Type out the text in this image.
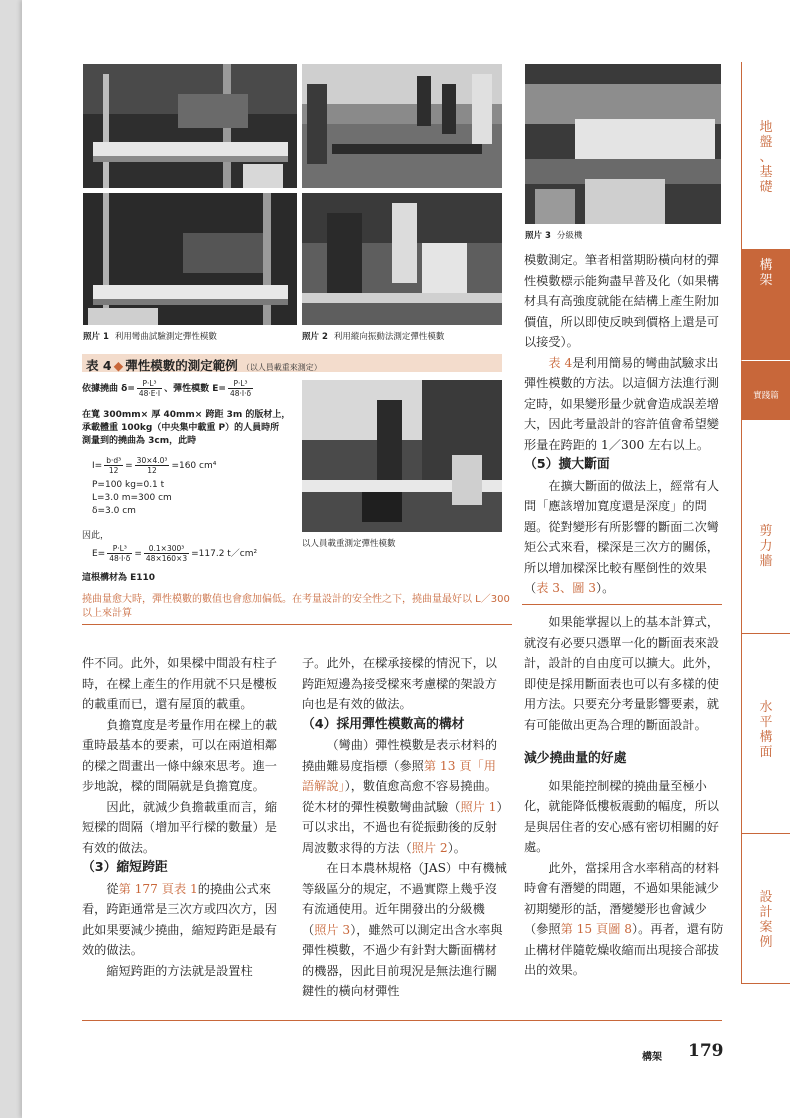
照片 1 利用彎曲試驗測定彈性模數	照片 2 利用縱向振動法測定彈性模數
照片 3 分級機
表 4 ◆ 彈性模數的測定範例 （以人員載重來測定）
依據撓曲 $\delta= \frac{\text{P·L³}}{48\cdot E\cdot I}$ 、彈性模數 $E= \frac{\text{P·L³}}{48\cdot I\cdot\delta}$
在寬 300mm× 厚 40mm× 跨距 3m 的版材上，
承載體重 100kg（中央集中載重 P）的人員時所
測量到的撓曲為 3cm，此時
$I= \frac{\text{b·d³}}{12} = \frac{\text{30×4.0³}}{12} =160$ cm⁴
P=100 kg=0.1 t
L=3.0 m=300 cm
δ=3.0 cm
因此，
$E= \frac{\text{P·L³}}{48\cdot I\cdot\delta} = \frac{\text{0.1×300³}}{48\times 160\times 3} =117.2$ t／cm²
這根構材為 E110
以人員載重測定彈性模數
撓曲量愈大時，彈性模數的數值也會愈加偏低。在考量設計的安全性之下，撓曲量最好以 L／300 以上來計算

件不同。此外，如果樑中間設有柱子時，在樑上產生的作用就不只是樓板的載重而已，還有屋頂的載重。

負擔寬度是考量作用在樑上的載重時最基本的要素，可以在兩道相鄰的樑之間畫出一條中線來思考。進一步地說，樑的間隔就是負擔寬度。

因此，就減少負擔載重而言，縮短樑的間隔（增加平行樑的數量）是有效的做法。

（3）縮短跨距

從第 177 頁表 1的撓曲公式來看，跨距通常是三次方或四次方，因此如果要減少撓曲，縮短跨距是最有效的做法。

縮短跨距的方法就是設置柱

子。此外，在樑承接樑的情況下，以跨距短邊為接受樑來考慮樑的架設方向也是有效的做法。

（4）採用彈性模數高的構材

（彎曲）彈性模數是表示材料的撓曲難易度指標（參照第 13 頁「用語解說」），數值愈高愈不容易撓曲。從木材的彈性模數彎曲試驗（照片 1）可以求出，不過也有從振動後的反射周波數求得的方法（照片 2）。

在日本農林規格（JAS）中有機械等級區分的規定，不過實際上幾乎沒有流通使用。近年開發出的分級機（照片 3），雖然可以測定出含水率與彈性模數，不過少有針對大斷面構材的機器，因此目前現況是無法進行關鍵性的橫向材彈性

模數測定。筆者相當期盼橫向材的彈性模數標示能夠盡早普及化（如果構材具有高強度就能在結構上產生附加價值，所以即使反映到價格上還是可以接受）。

表 4是利用簡易的彎曲試驗求出彈性模數的方法。以這個方法進行測定時，如果變形量少就會造成誤差增大，因此考量設計的容許值會希望變形量在跨距的 1／300 左右以上。

（5）擴大斷面

在擴大斷面的做法上，經常有人問「應該增加寬度還是深度」的問題。從對變形有所影響的斷面二次彎矩公式來看，樑深是三次方的關係，所以增加樑深比較有壓倒性的效果（表 3、圖 3）。

如果能掌握以上的基本計算式，就沒有必要只憑單一化的斷面表來設計，設計的自由度可以擴大。此外，即使是採用斷面表也可以有多樣的使用方法。只要充分考量影響要素，就有可能做出更為合理的斷面設計。

減少撓曲量的好處

如果能控制樑的撓曲量至極小化，就能降低樓板震動的幅度，所以是與居住者的安心感有密切相關的好處。

此外，當採用含水率稍高的材料時會有潛變的問題，不過如果能減少初期變形的話，潛變變形也會減少（參照第 15 頁圖 8）。再者，還有防止構材伴隨乾燥收縮而出現接合部拔出的效果。

地
盤
、
基
礎
構
架
實踐篇
剪
力
牆
水
平
構
面
設
計
案
例
構架 179
